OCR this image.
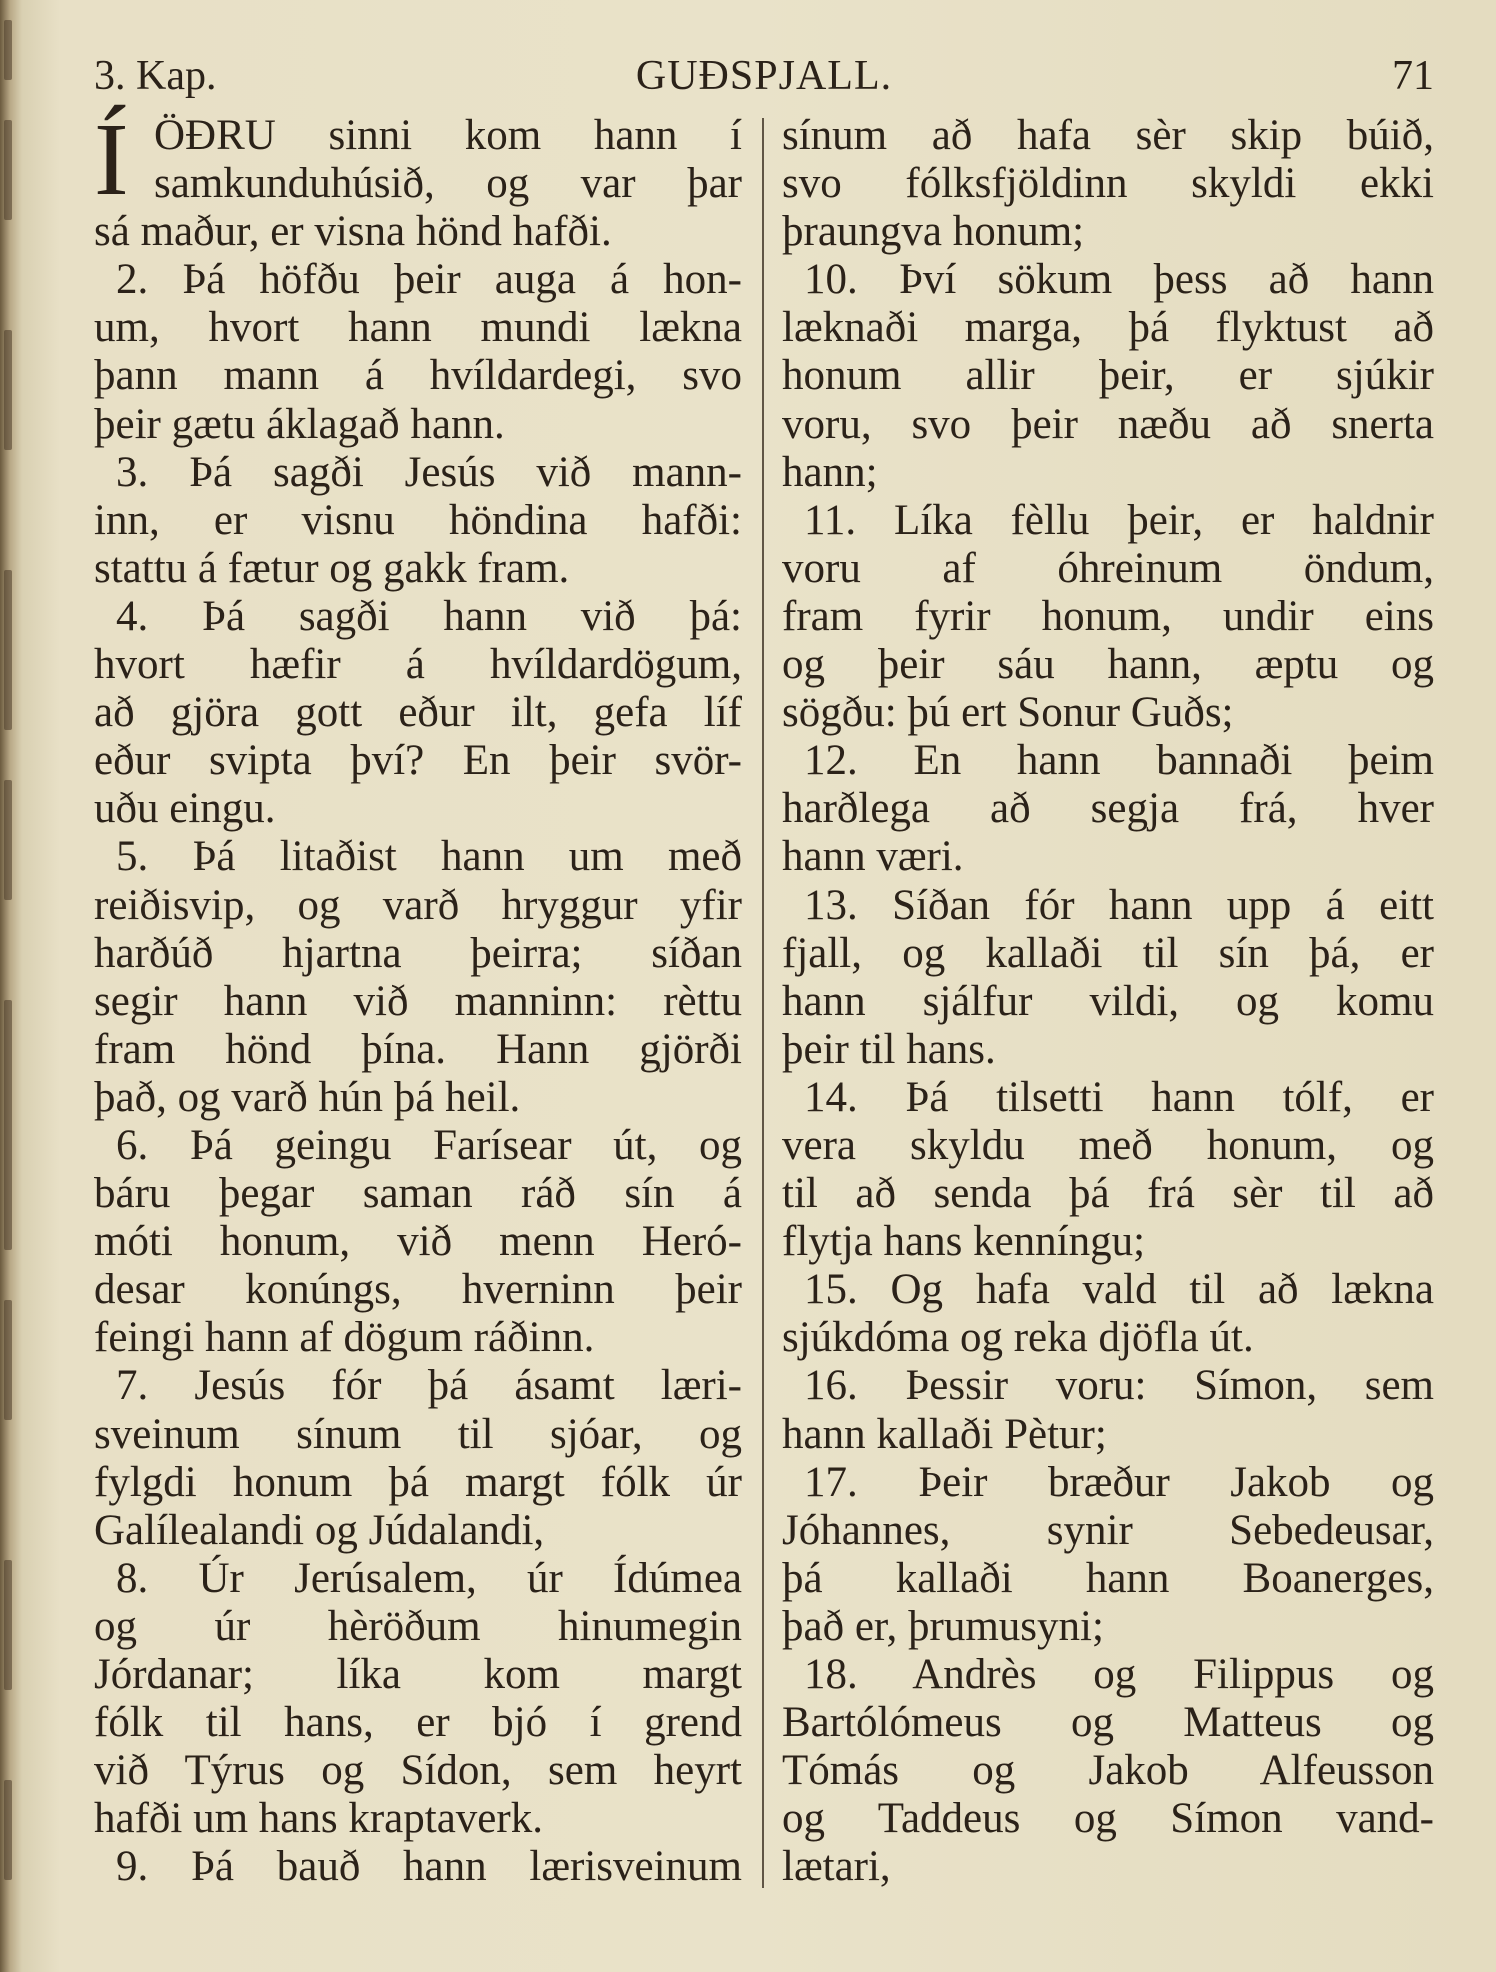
3. Kap.	GUÐSPJALL.	71
Í ÖÐRU sinni kom hann í
samkunduhúsið, og var þar
sá maður, er visna hönd hafði.
2. Þá höfðu þeir auga á hon-
um, hvort hann mundi lækna
þann mann á hvíldardegi, svo
þeir gætu áklagað hann.
3. Þá sagði Jesús við mann-
inn, er visnu höndina hafði:
stattu á fætur og gakk fram.
4. Þá sagði hann við þá:
hvort hæfir á hvíldardögum,
að gjöra gott eður ilt, gefa líf
eður svipta því? En þeir svör-
uðu eingu.
5. Þá litaðist hann um með
reiðisvip, og varð hryggur yfir
harðúð hjartna þeirra; síðan
segir hann við manninn: rèttu
fram hönd þína. Hann gjörði
það, og varð hún þá heil.
6. Þá geingu Farísear út, og
báru þegar saman ráð sín á
móti honum, við menn Heró-
desar konúngs, hverninn þeir
feingi hann af dögum ráðinn.
7. Jesús fór þá ásamt læri-
sveinum sínum til sjóar, og
fylgdi honum þá margt fólk úr
Galílealandi og Júdalandi,
8. Úr Jerúsalem, úr Ídúmea
og úr hèröðum hinumegin
Jórdanar; líka kom margt
fólk til hans, er bjó í grend
við Týrus og Sídon, sem heyrt
hafði um hans kraptaverk.
9. Þá bauð hann lærisveinum
sínum að hafa sèr skip búið,
svo fólksfjöldinn skyldi ekki
þraungva honum;
10. Því sökum þess að hann
læknaði marga, þá flyktust að
honum allir þeir, er sjúkir
voru, svo þeir næðu að snerta
hann;
11. Líka fèllu þeir, er haldnir
voru af óhreinum öndum,
fram fyrir honum, undir eins
og þeir sáu hann, æptu og
sögðu: þú ert Sonur Guðs;
12. En hann bannaði þeim
harðlega að segja frá, hver
hann væri.
13. Síðan fór hann upp á eitt
fjall, og kallaði til sín þá, er
hann sjálfur vildi, og komu
þeir til hans.
14. Þá tilsetti hann tólf, er
vera skyldu með honum, og
til að senda þá frá sèr til að
flytja hans kenníngu;
15. Og hafa vald til að lækna
sjúkdóma og reka djöfla út.
16. Þessir voru: Símon, sem
hann kallaði Pètur;
17. Þeir bræður Jakob og
Jóhannes, synir Sebedeusar,
þá kallaði hann Boanerges,
það er, þrumusyni;
18. Andrès og Filippus og
Bartólómeus og Matteus og
Tómás og Jakob Alfeusson
og Taddeus og Símon vand-
lætari,
